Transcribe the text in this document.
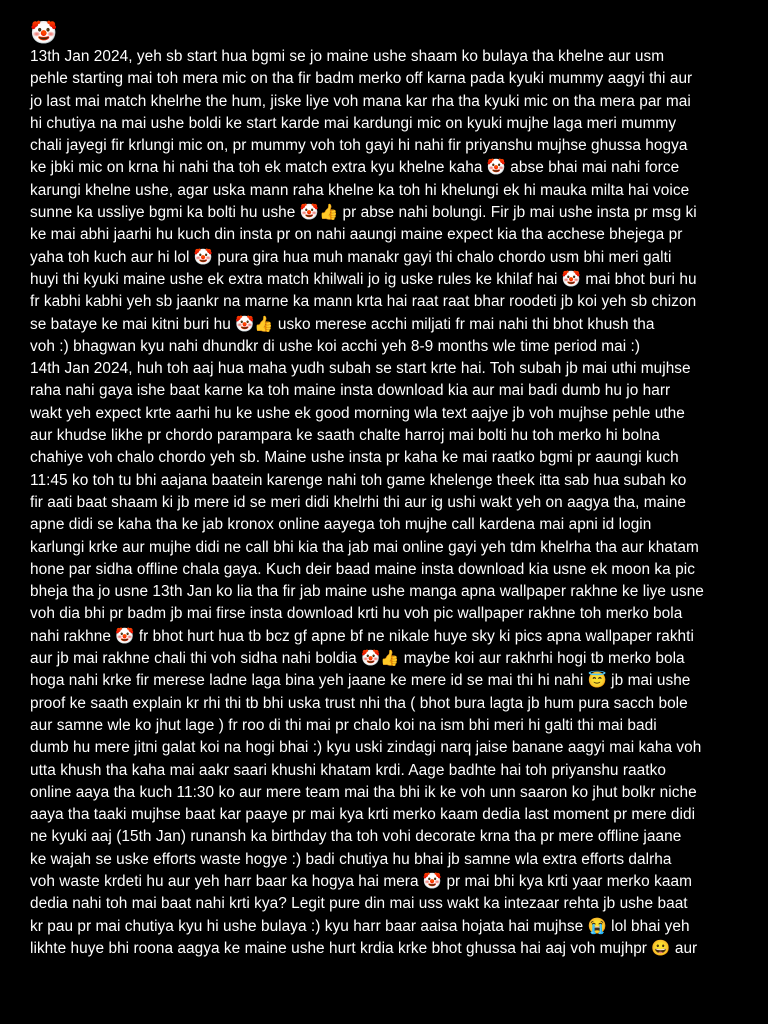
🤡
13th Jan 2024, yeh sb start hua bgmi se jo maine ushe shaam ko bulaya tha khelne aur usm
pehle starting mai toh mera mic on tha fir badm merko off karna pada kyuki mummy aagyi thi aur
jo last mai match khelrhe the hum, jiske liye voh mana kar rha tha kyuki mic on tha mera par mai
hi chutiya na mai ushe boldi ke start karde mai kardungi mic on kyuki mujhe laga meri mummy
chali jayegi fir krlungi mic on, pr mummy voh toh gayi hi nahi fir priyanshu mujhse ghussa hogya
ke jbki mic on krna hi nahi tha toh ek match extra kyu khelne kaha 🤡 abse bhai mai nahi force
karungi khelne ushe, agar uska mann raha khelne ka toh hi khelungi ek hi mauka milta hai voice
sunne ka ussliye bgmi ka bolti hu ushe 🤡👍 pr abse nahi bolungi. Fir jb mai ushe insta pr msg ki
ke mai abhi jaarhi hu kuch din insta pr on nahi aaungi maine expect kia tha acchese bhejega pr
yaha toh kuch aur hi lol 🤡 pura gira hua muh manakr gayi thi chalo chordo usm bhi meri galti
huyi thi kyuki maine ushe ek extra match khilwali jo ig uske rules ke khilaf hai 🤡 mai bhot buri hu
fr kabhi kabhi yeh sb jaankr na marne ka mann krta hai raat raat bhar roodeti jb koi yeh sb chizon
se bataye ke mai kitni buri hu 🤡👍 usko merese acchi miljati fr mai nahi thi bhot khush tha
voh :) bhagwan kyu nahi dhundkr di ushe koi acchi yeh 8-9 months wle time period mai :)
14th Jan 2024, huh toh aaj hua maha yudh subah se start krte hai. Toh subah jb mai uthi mujhse
raha nahi gaya ishe baat karne ka toh maine insta download kia aur mai badi dumb hu jo harr
wakt yeh expect krte aarhi hu ke ushe ek good morning wla text aajye jb voh mujhse pehle uthe
aur khudse likhe pr chordo parampara ke saath chalte harroj mai bolti hu toh merko hi bolna
chahiye voh chalo chordo yeh sb. Maine ushe insta pr kaha ke mai raatko bgmi pr aaungi kuch
11:45 ko toh tu bhi aajana baatein karenge nahi toh game khelenge theek itta sab hua subah ko
fir aati baat shaam ki jb mere id se meri didi khelrhi thi aur ig ushi wakt yeh on aagya tha, maine
apne didi se kaha tha ke jab kronox online aayega toh mujhe call kardena mai apni id login
karlungi krke aur mujhe didi ne call bhi kia tha jab mai online gayi yeh tdm khelrha tha aur khatam
hone par sidha offline chala gaya. Kuch deir baad maine insta download kia usne ek moon ka pic
bheja tha jo usne 13th Jan ko lia tha fir jab maine ushe manga apna wallpaper rakhne ke liye usne
voh dia bhi pr badm jb mai firse insta download krti hu voh pic wallpaper rakhne toh merko bola
nahi rakhne 🤡 fr bhot hurt hua tb bcz gf apne bf ne nikale huye sky ki pics apna wallpaper rakhti
aur jb mai rakhne chali thi voh sidha nahi boldia 🤡👍 maybe koi aur rakhrhi hogi tb merko bola
hoga nahi krke fir merese ladne laga bina yeh jaane ke mere id se mai thi hi nahi 😇 jb mai ushe
proof ke saath explain kr rhi thi tb bhi uska trust nhi tha ( bhot bura lagta jb hum pura sacch bole
aur samne wle ko jhut lage ) fr roo di thi mai pr chalo koi na ism bhi meri hi galti thi mai badi
dumb hu mere jitni galat koi na hogi bhai :) kyu uski zindagi narq jaise banane aagyi mai kaha voh
utta khush tha kaha mai aakr saari khushi khatam krdi. Aage badhte hai toh priyanshu raatko
online aaya tha kuch 11:30 ko aur mere team mai tha bhi ik ke voh unn saaron ko jhut bolkr niche
aaya tha taaki mujhse baat kar paaye pr mai kya krti merko kaam dedia last moment pr mere didi
ne kyuki aaj (15th Jan) runansh ka birthday tha toh vohi decorate krna tha pr mere offline jaane
ke wajah se uske efforts waste hogye :) badi chutiya hu bhai jb samne wla extra efforts dalrha
voh waste krdeti hu aur yeh harr baar ka hogya hai mera 🤡 pr mai bhi kya krti yaar merko kaam
dedia nahi toh mai baat nahi krti kya? Legit pure din mai uss wakt ka intezaar rehta jb ushe baat
kr pau pr mai chutiya kyu hi ushe bulaya :) kyu harr baar aaisa hojata hai mujhse 😭 lol bhai yeh
likhte huye bhi roona aagya ke maine ushe hurt krdia krke bhot ghussa hai aaj voh mujhpr 😀 aur
